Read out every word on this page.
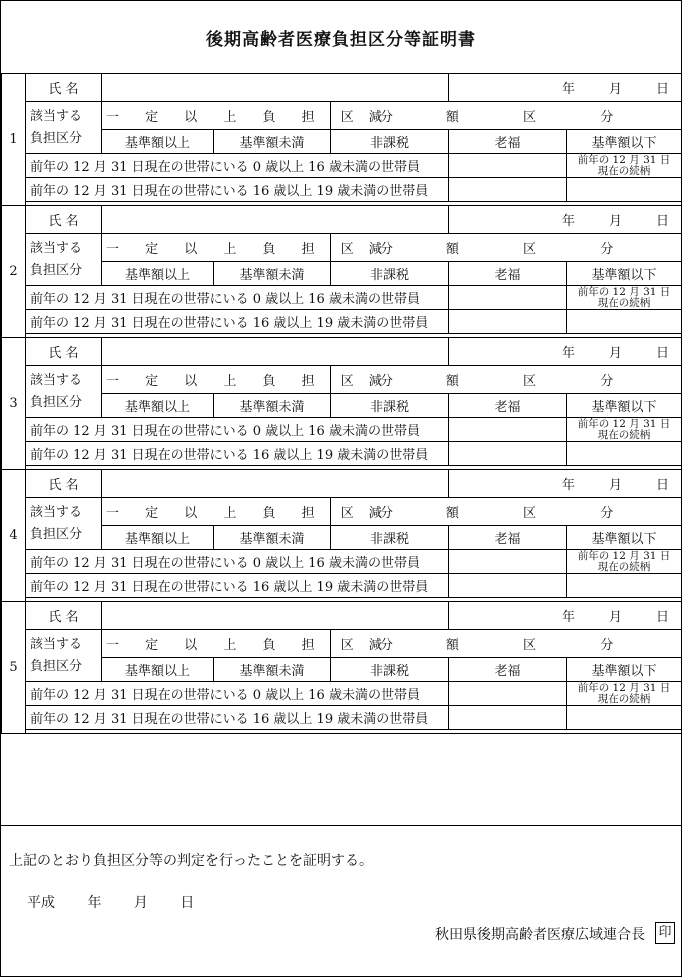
後期高齢者医療負担区分等証明書
1	氏 名				年 月 日	

	該当する
負担区分	一 定 以 上 負 担 区 分		減 額 区 分		
		基準額以上	基準額未満	非課税	老福	基準額以下
	前年の 12 月 31 日現在の世帯にいる 0 歳以上 16 歳未満の世帯員					前年の 12 月 31 日
現在の続柄

	前年の 12 月 31 日現在の世帯にいる 16 歳以上 19 歳未満の世帯員					

2	氏 名				年 月 日	

	該当する
負担区分	一 定 以 上 負 担 区 分		減 額 区 分		
		基準額以上	基準額未満	非課税	老福	基準額以下
	前年の 12 月 31 日現在の世帯にいる 0 歳以上 16 歳未満の世帯員					前年の 12 月 31 日
現在の続柄

	前年の 12 月 31 日現在の世帯にいる 16 歳以上 19 歳未満の世帯員					

3	氏 名				年 月 日	

	該当する
負担区分	一 定 以 上 負 担 区 分		減 額 区 分		
		基準額以上	基準額未満	非課税	老福	基準額以下
	前年の 12 月 31 日現在の世帯にいる 0 歳以上 16 歳未満の世帯員					前年の 12 月 31 日
現在の続柄

	前年の 12 月 31 日現在の世帯にいる 16 歳以上 19 歳未満の世帯員					

4	氏 名				年 月 日	

	該当する
負担区分	一 定 以 上 負 担 区 分		減 額 区 分		
		基準額以上	基準額未満	非課税	老福	基準額以下
	前年の 12 月 31 日現在の世帯にいる 0 歳以上 16 歳未満の世帯員					前年の 12 月 31 日
現在の続柄

	前年の 12 月 31 日現在の世帯にいる 16 歳以上 19 歳未満の世帯員					

5	氏 名				年 月 日	

	該当する
負担区分	一 定 以 上 負 担 区 分		減 額 区 分		
		基準額以上	基準額未満	非課税	老福	基準額以下
	前年の 12 月 31 日現在の世帯にいる 0 歳以上 16 歳未満の世帯員					前年の 12 月 31 日
現在の続柄

	前年の 12 月 31 日現在の世帯にいる 16 歳以上 19 歳未満の世帯員					

上記のとおり負担区分等の判定を行ったことを証明する。
平成 年 月 日
秋田県後期高齢者医療広域連合長 印
